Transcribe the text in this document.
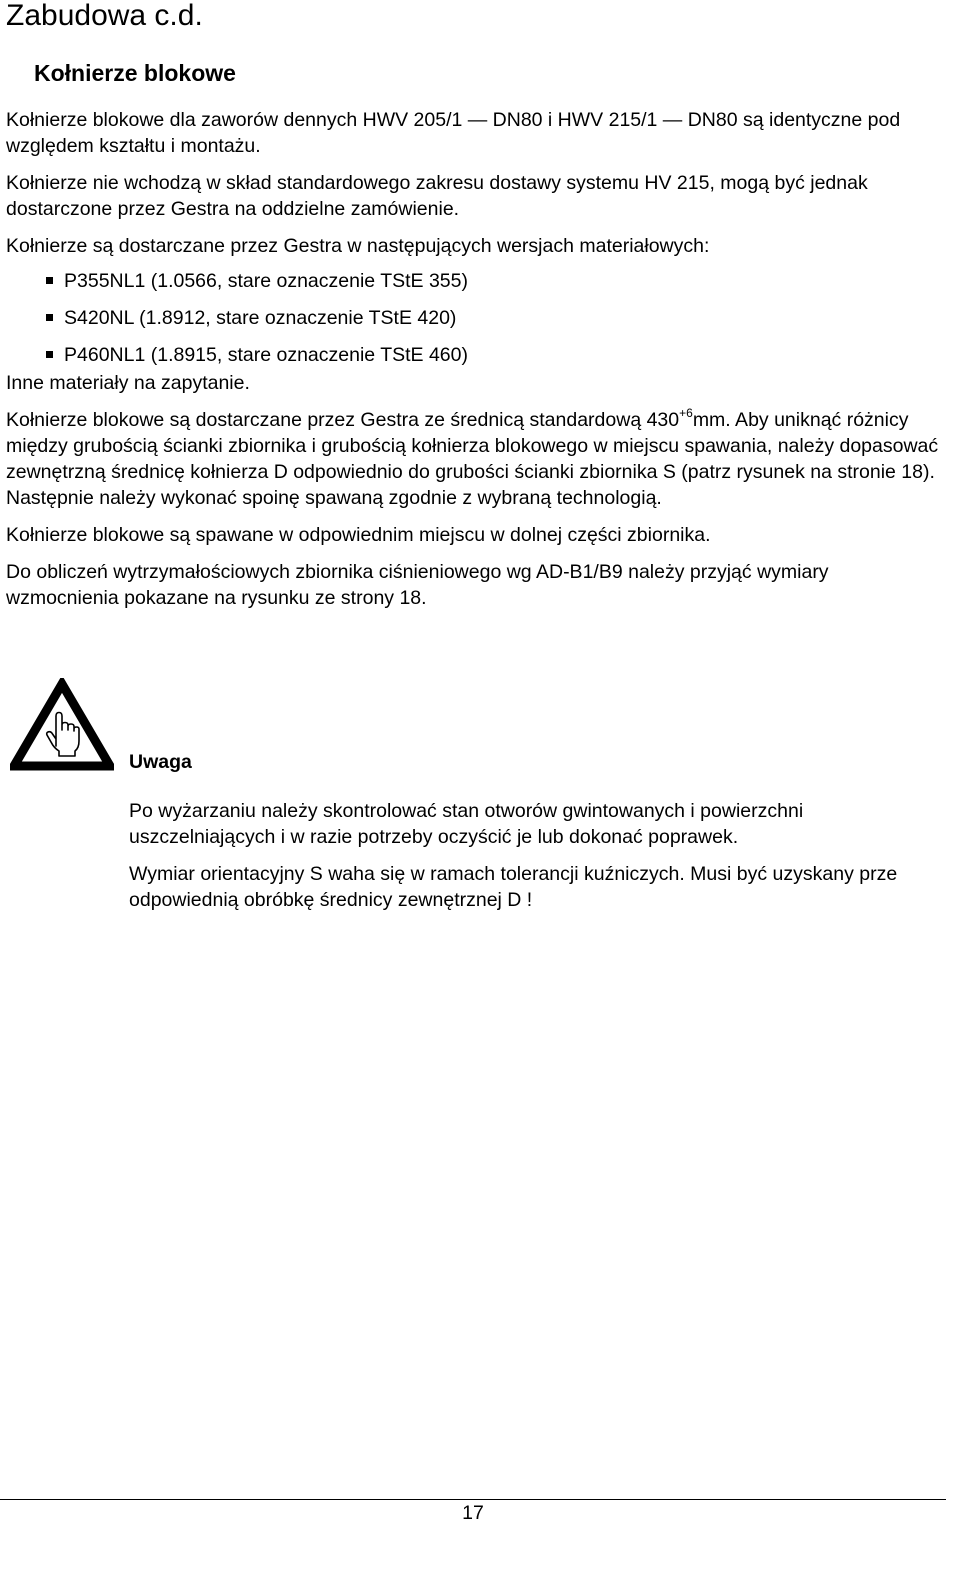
Zabudowa c.d.
Kołnierze blokowe

Kołnierze blokowe dla zaworów dennych HWV 205/1 — DN80 i HWV 215/1 — DN80 są identyczne pod względem kształtu i montażu.

Kołnierze nie wchodzą w skład standardowego zakresu dostawy systemu HV 215, mogą być jednak dostarczone przez Gestra na oddzielne zamówienie.

Kołnierze są dostarczane przez Gestra w następujących wersjach materiałowych:

P355NL1 (1.0566, stare oznaczenie TStE 355)
S420NL (1.8912, stare oznaczenie TStE 420)
P460NL1 (1.8915, stare oznaczenie TStE 460)

Inne materiały na zapytanie.

Kołnierze blokowe są dostarczane przez Gestra ze średnicą standardową $430^{+6}mm$. Aby uniknąć różnicy między grubością ścianki zbiornika i grubością kołnierza blokowego w miejscu spawania, należy dopasować zewnętrzną średnicę kołnierza D odpowiednio do grubości ścianki zbiornika S (patrz rysunek na stronie 18). Następnie należy wykonać spoinę spawaną zgodnie z wybraną technologią.

Kołnierze blokowe są spawane w odpowiednim miejscu w dolnej części zbiornika.

Do obliczeń wytrzymałościowych zbiornika ciśnieniowego wg AD-B1/B9 należy przyjąć wymiary wzmocnienia pokazane na rysunku ze strony 18.

Uwaga

Po wyżarzaniu należy skontrolować stan otworów gwintowanych i powierzchni uszczelniających i w razie potrzeby oczyścić je lub dokonać poprawek.

Wymiar orientacyjny S waha się w ramach tolerancji kuźniczych. Musi być uzyskany prze odpowiednią obróbkę średnicy zewnętrznej D !

17
